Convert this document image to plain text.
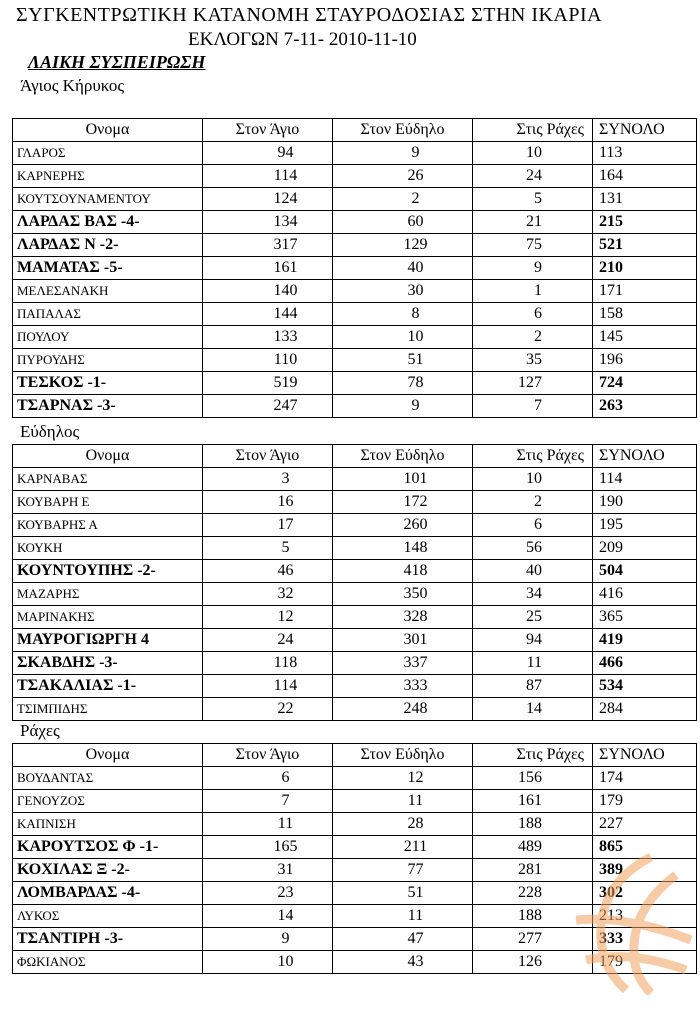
ΣΥΓΚΕΝΤΡΩΤΙΚΗ ΚΑΤΑΝΟΜΗ ΣΤΑΥΡΟΔΟΣΙΑΣ ΣΤΗΝ ΙΚΑΡΙΑ
ΕΚΛΟΓΩΝ 7-11- 2010-11-10
ΛΑΙΚΗ ΣΥΣΠΕΙΡΩΣΗ
Άγιος Κήρυκος
Ονομα	Στον Άγιο	Στον Εύδηλο	Στις Ράχες	ΣΥΝΟΛΟ
ΓΛΑΡΟΣ	94	9	10	113
ΚΑΡΝΕΡΗΣ	114	26	24	164
ΚΟΥΤΣΟΥΝΑΜΕΝΤΟΥ	124	2	5	131
ΛΑΡΔΑΣ ΒΑΣ -4-	134	60	21	215
ΛΑΡΔΑΣ Ν -2-	317	129	75	521
ΜΑΜΑΤΑΣ -5-	161	40	9	210
ΜΕΛΕΣΑΝΑΚΗ	140	30	1	171
ΠΑΠΑΛΑΣ	144	8	6	158
ΠΟΥΛΟΥ	133	10	2	145
ΠΥΡΟΥΔΗΣ	110	51	35	196
ΤΕΣΚΟΣ -1-	519	78	127	724
ΤΣΑΡΝΑΣ -3-	247	9	7	263
Εύδηλος
Ονομα	Στον Άγιο	Στον Εύδηλο	Στις Ράχες	ΣΥΝΟΛΟ
ΚΑΡΝΑΒΑΣ	3	101	10	114
ΚΟΥΒΑΡΗ Ε	16	172	2	190
ΚΟΥΒΑΡΗΣ Α	17	260	6	195
ΚΟΥΚΗ	5	148	56	209
ΚΟΥΝΤΟΥΠΗΣ -2-	46	418	40	504
ΜΑΖΑΡΗΣ	32	350	34	416
ΜΑΡΙΝΑΚΗΣ	12	328	25	365
ΜΑΥΡΟΓΙΩΡΓΗ 4	24	301	94	419
ΣΚΑΒΔΗΣ -3-	118	337	11	466
ΤΣΑΚΑΛΙΑΣ -1-	114	333	87	534
ΤΣΙΜΠΙΔΗΣ	22	248	14	284
Ράχες
Ονομα	Στον Άγιο	Στον Εύδηλο	Στις Ράχες	ΣΥΝΟΛΟ
ΒΟΥΔΑΝΤΑΣ	6	12	156	174
ΓΕΝΟΥΖΟΣ	7	11	161	179
ΚΑΠΝΙΣΗ	11	28	188	227
ΚΑΡΟΥΤΣΟΣ Φ -1-	165	211	489	865
ΚΟΧΙΛΑΣ Ξ -2-	31	77	281	389
ΛΟΜΒΑΡΔΑΣ -4-	23	51	228	302
ΛΥΚΟΣ	14	11	188	213
ΤΣΑΝΤΙΡΗ -3-	9	47	277	333
ΦΩΚΙΑΝΟΣ	10	43	126	179
